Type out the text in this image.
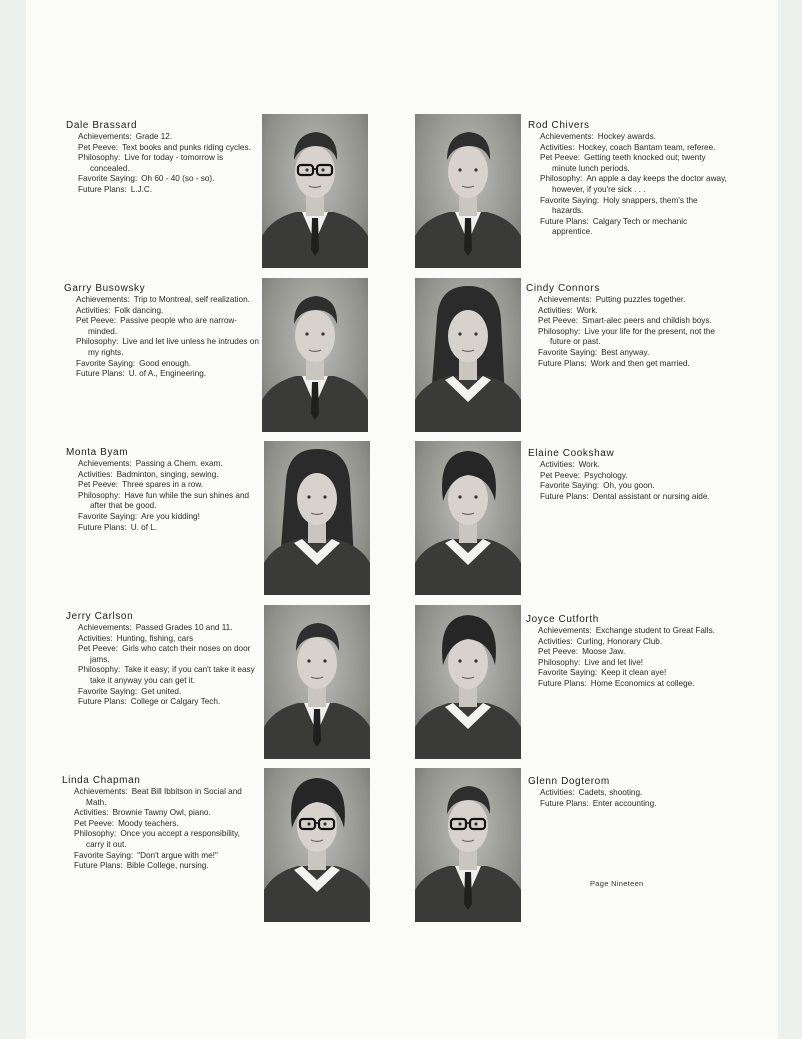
Dale Brassard
Achievements: Grade 12.
Pet Peeve: Text books and punks riding cycles.
Philosophy: Live for today - tomorrow is concealed.
Favorite Saying: Oh 60 - 40 (so - so).
Future Plans: L.J.C.
Rod Chivers
Achievements: Hockey awards.
Activities: Hockey, coach Bantam team, referee.
Pet Peeve: Getting teeth knocked out; twenty minute lunch periods.
Philosophy: An apple a day keeps the doctor away, however, if you're sick . . .
Favorite Saying: Holy snappers, them's the hazards.
Future Plans: Calgary Tech or mechanic apprentice.
Garry Busowsky
Achievements: Trip to Montreal, self realization.
Activities: Folk dancing.
Pet Peeve: Passive people who are narrow-minded.
Philosophy: Live and let live unless he intrudes on my rights.
Favorite Saying: Good enough.
Future Plans: U. of A., Engineering.
Cindy Connors
Achievements: Putting puzzles together.
Activities: Work.
Pet Peeve: Smart-alec peers and childish boys.
Philosophy: Live your life for the present, not the future or past.
Favorite Saying: Best anyway.
Future Plans: Work and then get married.
Monta Byam
Achievements: Passing a Chem. exam.
Activities: Badminton, singing, sewing.
Pet Peeve: Three spares in a row.
Philosophy: Have fun while the sun shines and after that be good.
Favorite Saying: Are you kidding!
Future Plans: U. of L.
Elaine Cookshaw
Activities: Work.
Pet Peeve: Psychology.
Favorite Saying: Oh, you goon.
Future Plans: Dental assistant or nursing aide.
Jerry Carlson
Achievements: Passed Grades 10 and 11.
Activities: Hunting, fishing, cars
Pet Peeve: Girls who catch their noses on door jams.
Philosophy: Take it easy; if you can't take it easy take it anyway you can get it.
Favorite Saying: Get united.
Future Plans: College or Calgary Tech.
Joyce Cutforth
Achievements: Exchange student to Great Falls.
Activities: Curling, Honorary Club.
Pet Peeve: Moose Jaw.
Philosophy: Live and let live!
Favorite Saying: Keep it clean aye!
Future Plans: Home Economics at college.
Linda Chapman
Achievements: Beat Bill Ibbitson in Social and Math.
Activities: Brownie Tawny Owl, piano.
Pet Peeve: Moody teachers.
Philosophy: Once you accept a responsibility, carry it out.
Favorite Saying: "Don't argue with me!"
Future Plans: Bible College, nursing.
Glenn Dogterom
Activities: Cadets, shooting.
Future Plans: Enter accounting.
Page Nineteen
